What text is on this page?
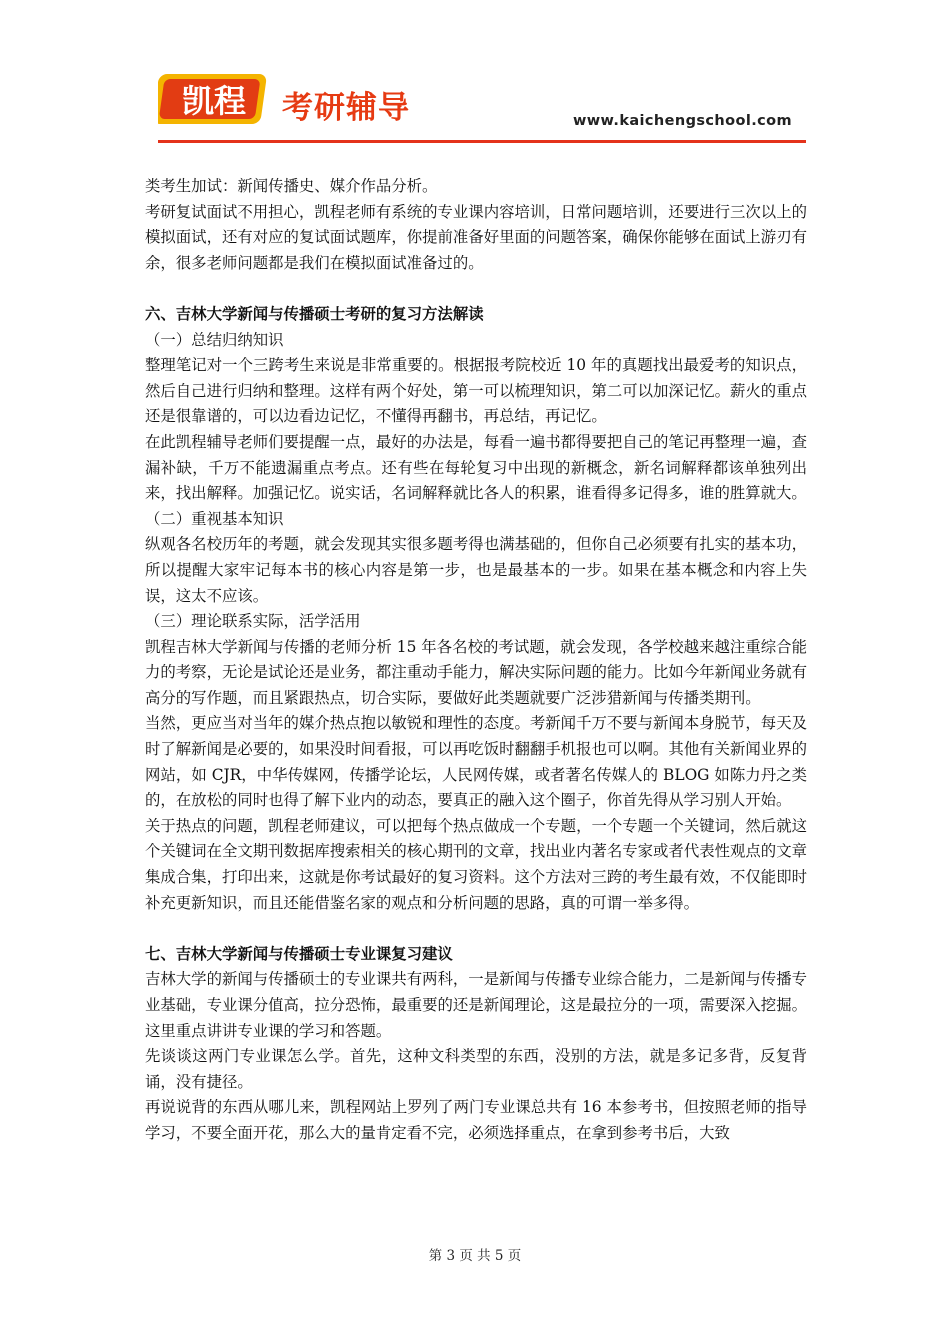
凯程 考研辅导	www.kaichengschool.com

类考生加试：新闻传播史、媒介作品分析。

考研复试面试不用担心，凯程老师有系统的专业课内容培训，日常问题培训，还要进行三次以上的模拟面试，还有对应的复试面试题库，你提前准备好里面的问题答案，确保你能够在面试上游刃有余，很多老师问题都是我们在模拟面试准备过的。

六、吉林大学新闻与传播硕士考研的复习方法解读

（一）总结归纳知识

整理笔记对一个三跨考生来说是非常重要的。根据报考院校近 10 年的真题找出最爱考的知识点，然后自己进行归纳和整理。这样有两个好处，第一可以梳理知识，第二可以加深记忆。薪火的重点还是很靠谱的，可以边看边记忆，不懂得再翻书，再总结，再记忆。

在此凯程辅导老师们要提醒一点，最好的办法是，每看一遍书都得要把自己的笔记再整理一遍，查漏补缺，千万不能遗漏重点考点。还有些在每轮复习中出现的新概念，新名词解释都该单独列出来，找出解释。加强记忆。说实话，名词解释就比各人的积累，谁看得多记得多，谁的胜算就大。

（二）重视基本知识

纵观各名校历年的考题，就会发现其实很多题考得也满基础的，但你自己必须要有扎实的基本功，所以提醒大家牢记每本书的核心内容是第一步，也是最基本的一步。如果在基本概念和内容上失误，这太不应该。

（三）理论联系实际，活学活用

凯程吉林大学新闻与传播的老师分析 15 年各名校的考试题，就会发现，各学校越来越注重综合能力的考察，无论是试论还是业务，都注重动手能力，解决实际问题的能力。比如今年新闻业务就有高分的写作题，而且紧跟热点，切合实际，要做好此类题就要广泛涉猎新闻与传播类期刊。

当然，更应当对当年的媒介热点抱以敏锐和理性的态度。考新闻千万不要与新闻本身脱节，每天及时了解新闻是必要的，如果没时间看报，可以再吃饭时翻翻手机报也可以啊。其他有关新闻业界的网站，如 CJR，中华传媒网，传播学论坛，人民网传媒，或者著名传媒人的 BLOG 如陈力丹之类的，在放松的同时也得了解下业内的动态，要真正的融入这个圈子，你首先得从学习别人开始。

关于热点的问题，凯程老师建议，可以把每个热点做成一个专题，一个专题一个关键词，然后就这个关键词在全文期刊数据库搜索相关的核心期刊的文章，找出业内著名专家或者代表性观点的文章集成合集，打印出来，这就是你考试最好的复习资料。这个方法对三跨的考生最有效，不仅能即时补充更新知识，而且还能借鉴名家的观点和分析问题的思路，真的可谓一举多得。

七、吉林大学新闻与传播硕士专业课复习建议

吉林大学的新闻与传播硕士的专业课共有两科，一是新闻与传播专业综合能力，二是新闻与传播专业基础，专业课分值高，拉分恐怖，最重要的还是新闻理论，这是最拉分的一项，需要深入挖掘。这里重点讲讲专业课的学习和答题。

先谈谈这两门专业课怎么学。首先，这种文科类型的东西，没别的方法，就是多记多背，反复背诵，没有捷径。

再说说背的东西从哪儿来，凯程网站上罗列了两门专业课总共有 16 本参考书，但按照老师的指导学习，不要全面开花，那么大的量肯定看不完，必须选择重点，在拿到参考书后，大致

第 3 页 共 5 页
